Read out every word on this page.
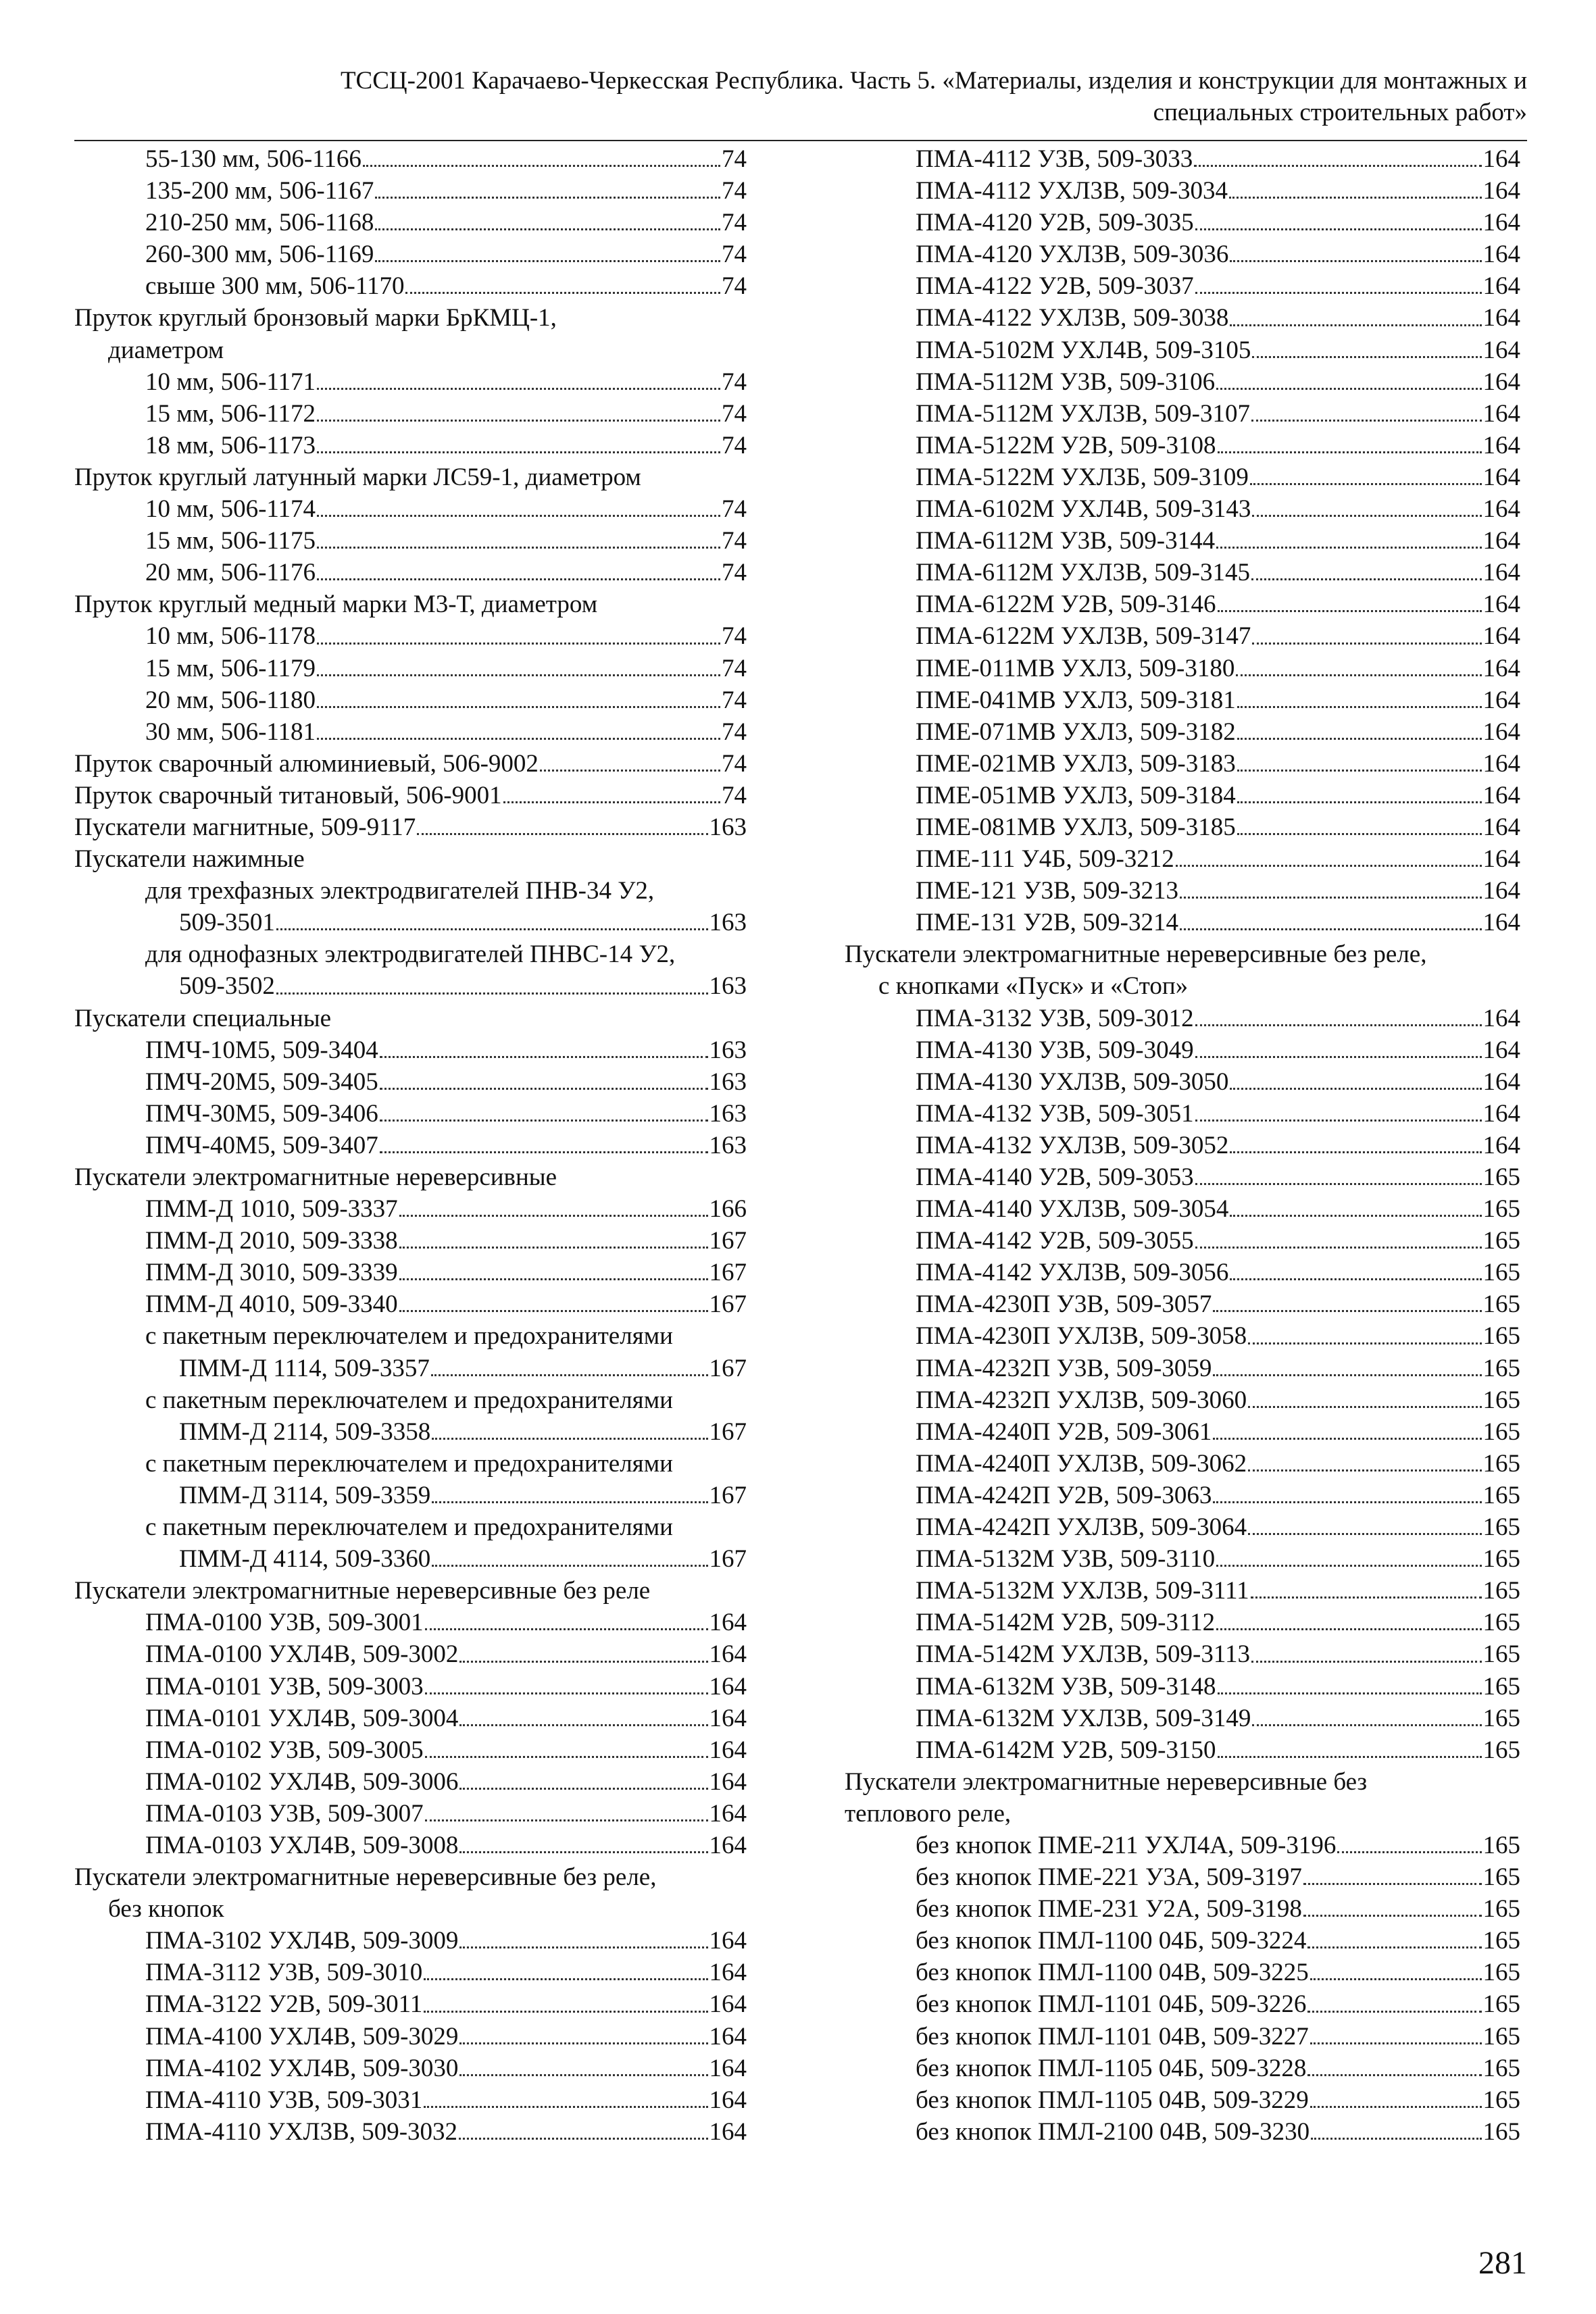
ТССЦ-2001 Карачаево-Черкесская Республика. Часть 5. «Материалы, изделия и конструкции для монтажных и
специальных строительных работ»
55-130 мм, 506-1166	74
135-200 мм, 506-1167	74
210-250 мм, 506-1168	74
260-300 мм, 506-1169	74
свыше 300 мм, 506-1170	74
Пруток круглый бронзовый марки БрКМЦ-1,
диаметром
10 мм, 506-1171	74
15 мм, 506-1172	74
18 мм, 506-1173	74
Пруток круглый латунный марки ЛС59-1, диаметром
10 мм, 506-1174	74
15 мм, 506-1175	74
20 мм, 506-1176	74
Пруток круглый медный марки М3-Т, диаметром
10 мм, 506-1178	74
15 мм, 506-1179	74
20 мм, 506-1180	74
30 мм, 506-1181	74
Пруток сварочный алюминиевый, 506-9002	74
Пруток сварочный титановый, 506-9001	74
Пускатели магнитные, 509-9117	163
Пускатели нажимные
для трехфазных электродвигателей ПНВ-34 У2,
509-3501	163
для однофазных электродвигателей ПНВС-14 У2,
509-3502	163
Пускатели специальные
ПМЧ-10М5, 509-3404	163
ПМЧ-20М5, 509-3405	163
ПМЧ-30М5, 509-3406	163
ПМЧ-40М5, 509-3407	163
Пускатели электромагнитные нереверсивные
ПММ-Д 1010, 509-3337	166
ПММ-Д 2010, 509-3338	167
ПММ-Д 3010, 509-3339	167
ПММ-Д 4010, 509-3340	167
с пакетным переключателем и предохранителями
ПММ-Д 1114, 509-3357	167
с пакетным переключателем и предохранителями
ПММ-Д 2114, 509-3358	167
с пакетным переключателем и предохранителями
ПММ-Д 3114, 509-3359	167
с пакетным переключателем и предохранителями
ПММ-Д 4114, 509-3360	167
Пускатели электромагнитные нереверсивные без реле
ПМА-0100 У3В, 509-3001	164
ПМА-0100 УХЛ4В, 509-3002	164
ПМА-0101 У3В, 509-3003	164
ПМА-0101 УХЛ4В, 509-3004	164
ПМА-0102 У3В, 509-3005	164
ПМА-0102 УХЛ4В, 509-3006	164
ПМА-0103 У3В, 509-3007	164
ПМА-0103 УХЛ4В, 509-3008	164
Пускатели электромагнитные нереверсивные без реле,
без кнопок
ПМА-3102 УХЛ4В, 509-3009	164
ПМА-3112 У3В, 509-3010	164
ПМА-3122 У2В, 509-3011	164
ПМА-4100 УХЛ4В, 509-3029	164
ПМА-4102 УХЛ4В, 509-3030	164
ПМА-4110 У3В, 509-3031	164
ПМА-4110 УХЛ3В, 509-3032	164
ПМА-4112 У3В, 509-3033	164
ПМА-4112 УХЛ3В, 509-3034	164
ПМА-4120 У2В, 509-3035	164
ПМА-4120 УХЛ3В, 509-3036	164
ПМА-4122 У2В, 509-3037	164
ПМА-4122 УХЛ3В, 509-3038	164
ПМА-5102М УХЛ4В, 509-3105	164
ПМА-5112М У3В, 509-3106	164
ПМА-5112М УХЛ3В, 509-3107	164
ПМА-5122М У2В, 509-3108	164
ПМА-5122М УХЛ3Б, 509-3109	164
ПМА-6102М УХЛ4В, 509-3143	164
ПМА-6112М У3В, 509-3144	164
ПМА-6112М УХЛ3В, 509-3145	164
ПМА-6122М У2В, 509-3146	164
ПМА-6122М УХЛ3В, 509-3147	164
ПМЕ-011МВ УХЛ3, 509-3180	164
ПМЕ-041МВ УХЛ3, 509-3181	164
ПМЕ-071МВ УХЛ3, 509-3182	164
ПМЕ-021МВ УХЛ3, 509-3183	164
ПМЕ-051МВ УХЛ3, 509-3184	164
ПМЕ-081МВ УХЛ3, 509-3185	164
ПМЕ-111 У4Б, 509-3212	164
ПМЕ-121 У3В, 509-3213	164
ПМЕ-131 У2В, 509-3214	164
Пускатели электромагнитные нереверсивные без реле,
с кнопками «Пуск» и «Стоп»
ПМА-3132 У3В, 509-3012	164
ПМА-4130 У3В, 509-3049	164
ПМА-4130 УХЛ3В, 509-3050	164
ПМА-4132 У3В, 509-3051	164
ПМА-4132 УХЛ3В, 509-3052	164
ПМА-4140 У2В, 509-3053	165
ПМА-4140 УХЛ3В, 509-3054	165
ПМА-4142 У2В, 509-3055	165
ПМА-4142 УХЛ3В, 509-3056	165
ПМА-4230П У3В, 509-3057	165
ПМА-4230П УХЛ3В, 509-3058	165
ПМА-4232П У3В, 509-3059	165
ПМА-4232П УХЛ3В, 509-3060	165
ПМА-4240П У2В, 509-3061	165
ПМА-4240П УХЛ3В, 509-3062	165
ПМА-4242П У2В, 509-3063	165
ПМА-4242П УХЛ3В, 509-3064	165
ПМА-5132М У3В, 509-3110	165
ПМА-5132М УХЛ3В, 509-3111	165
ПМА-5142М У2В, 509-3112	165
ПМА-5142М УХЛ3В, 509-3113	165
ПМА-6132М У3В, 509-3148	165
ПМА-6132М УХЛ3В, 509-3149	165
ПМА-6142М У2В, 509-3150	165
Пускатели электромагнитные нереверсивные без
теплового реле,
без кнопок ПМЕ-211 УХЛ4А, 509-3196	165
без кнопок ПМЕ-221 У3А, 509-3197	165
без кнопок ПМЕ-231 У2А, 509-3198	165
без кнопок ПМЛ-1100 04Б, 509-3224	165
без кнопок ПМЛ-1100 04В, 509-3225	165
без кнопок ПМЛ-1101 04Б, 509-3226	165
без кнопок ПМЛ-1101 04В, 509-3227	165
без кнопок ПМЛ-1105 04Б, 509-3228	165
без кнопок ПМЛ-1105 04В, 509-3229	165
без кнопок ПМЛ-2100 04В, 509-3230	165
281
